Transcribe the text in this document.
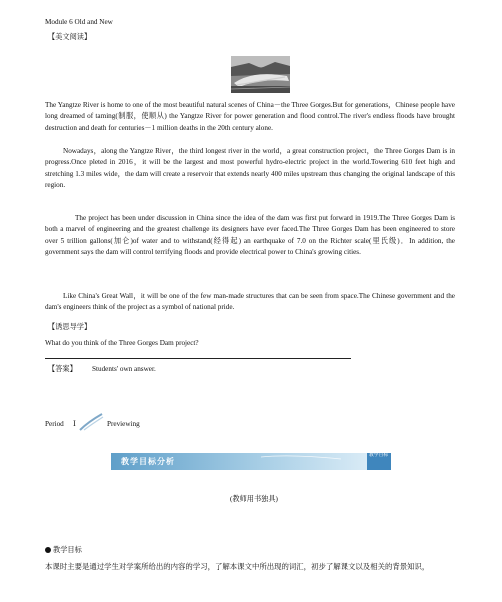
Module 6 Old and New
【美文阅读】
The Yangtze River is home to one of the most beautiful natural scenes of China－the Three Gorges.But for generations，Chinese people have long dreamed of taming(制服，使顺从) the Yangtze River for power generation and flood control.The river's endless floods have brought destruction and death for centuries－1 million deaths in the 20th century alone.
Nowadays，along the Yangtze River，the third longest river in the world，a great construction project，the Three Gorges Dam is in progress.Once pleted in 2016，it will be the largest and most powerful hydro-electric project in the world.Towering 610 feet high and stretching 1.3 miles wide，the dam will create a reservoir that extends nearly 400 miles upstream thus changing the original landscape of this region.
The project has been under discussion in China since the idea of the dam was first put forward in 1919.The Three Gorges Dam is both a marvel of engineering and the greatest challenge its designers have ever faced.The Three Gorges Dam has been engineered to store over 5 trillion gallons(加仑)of water and to withstand(经得起) an earthquake of 7.0 on the Richter scale(里氏级)．In addition, the government says the dam will control terrifying floods and provide electrical power to China's growing cities.
Like China's Great Wall，it will be one of the few man-made structures that can be seen from space.The Chinese government and the dam's engineers think of the project as a symbol of national pride.
【诱思导学】
What do you think of the Three Gorges Dam project?
【答案】 Students' own answer.
Period Ⅰ	Previewing
教学目标分析
教学目标
(教师用书独具)
教学目标
本课时主要是通过学生对学案所给出的内容的学习，了解本课文中所出现的词汇，初步了解课文以及相关的背景知识，
